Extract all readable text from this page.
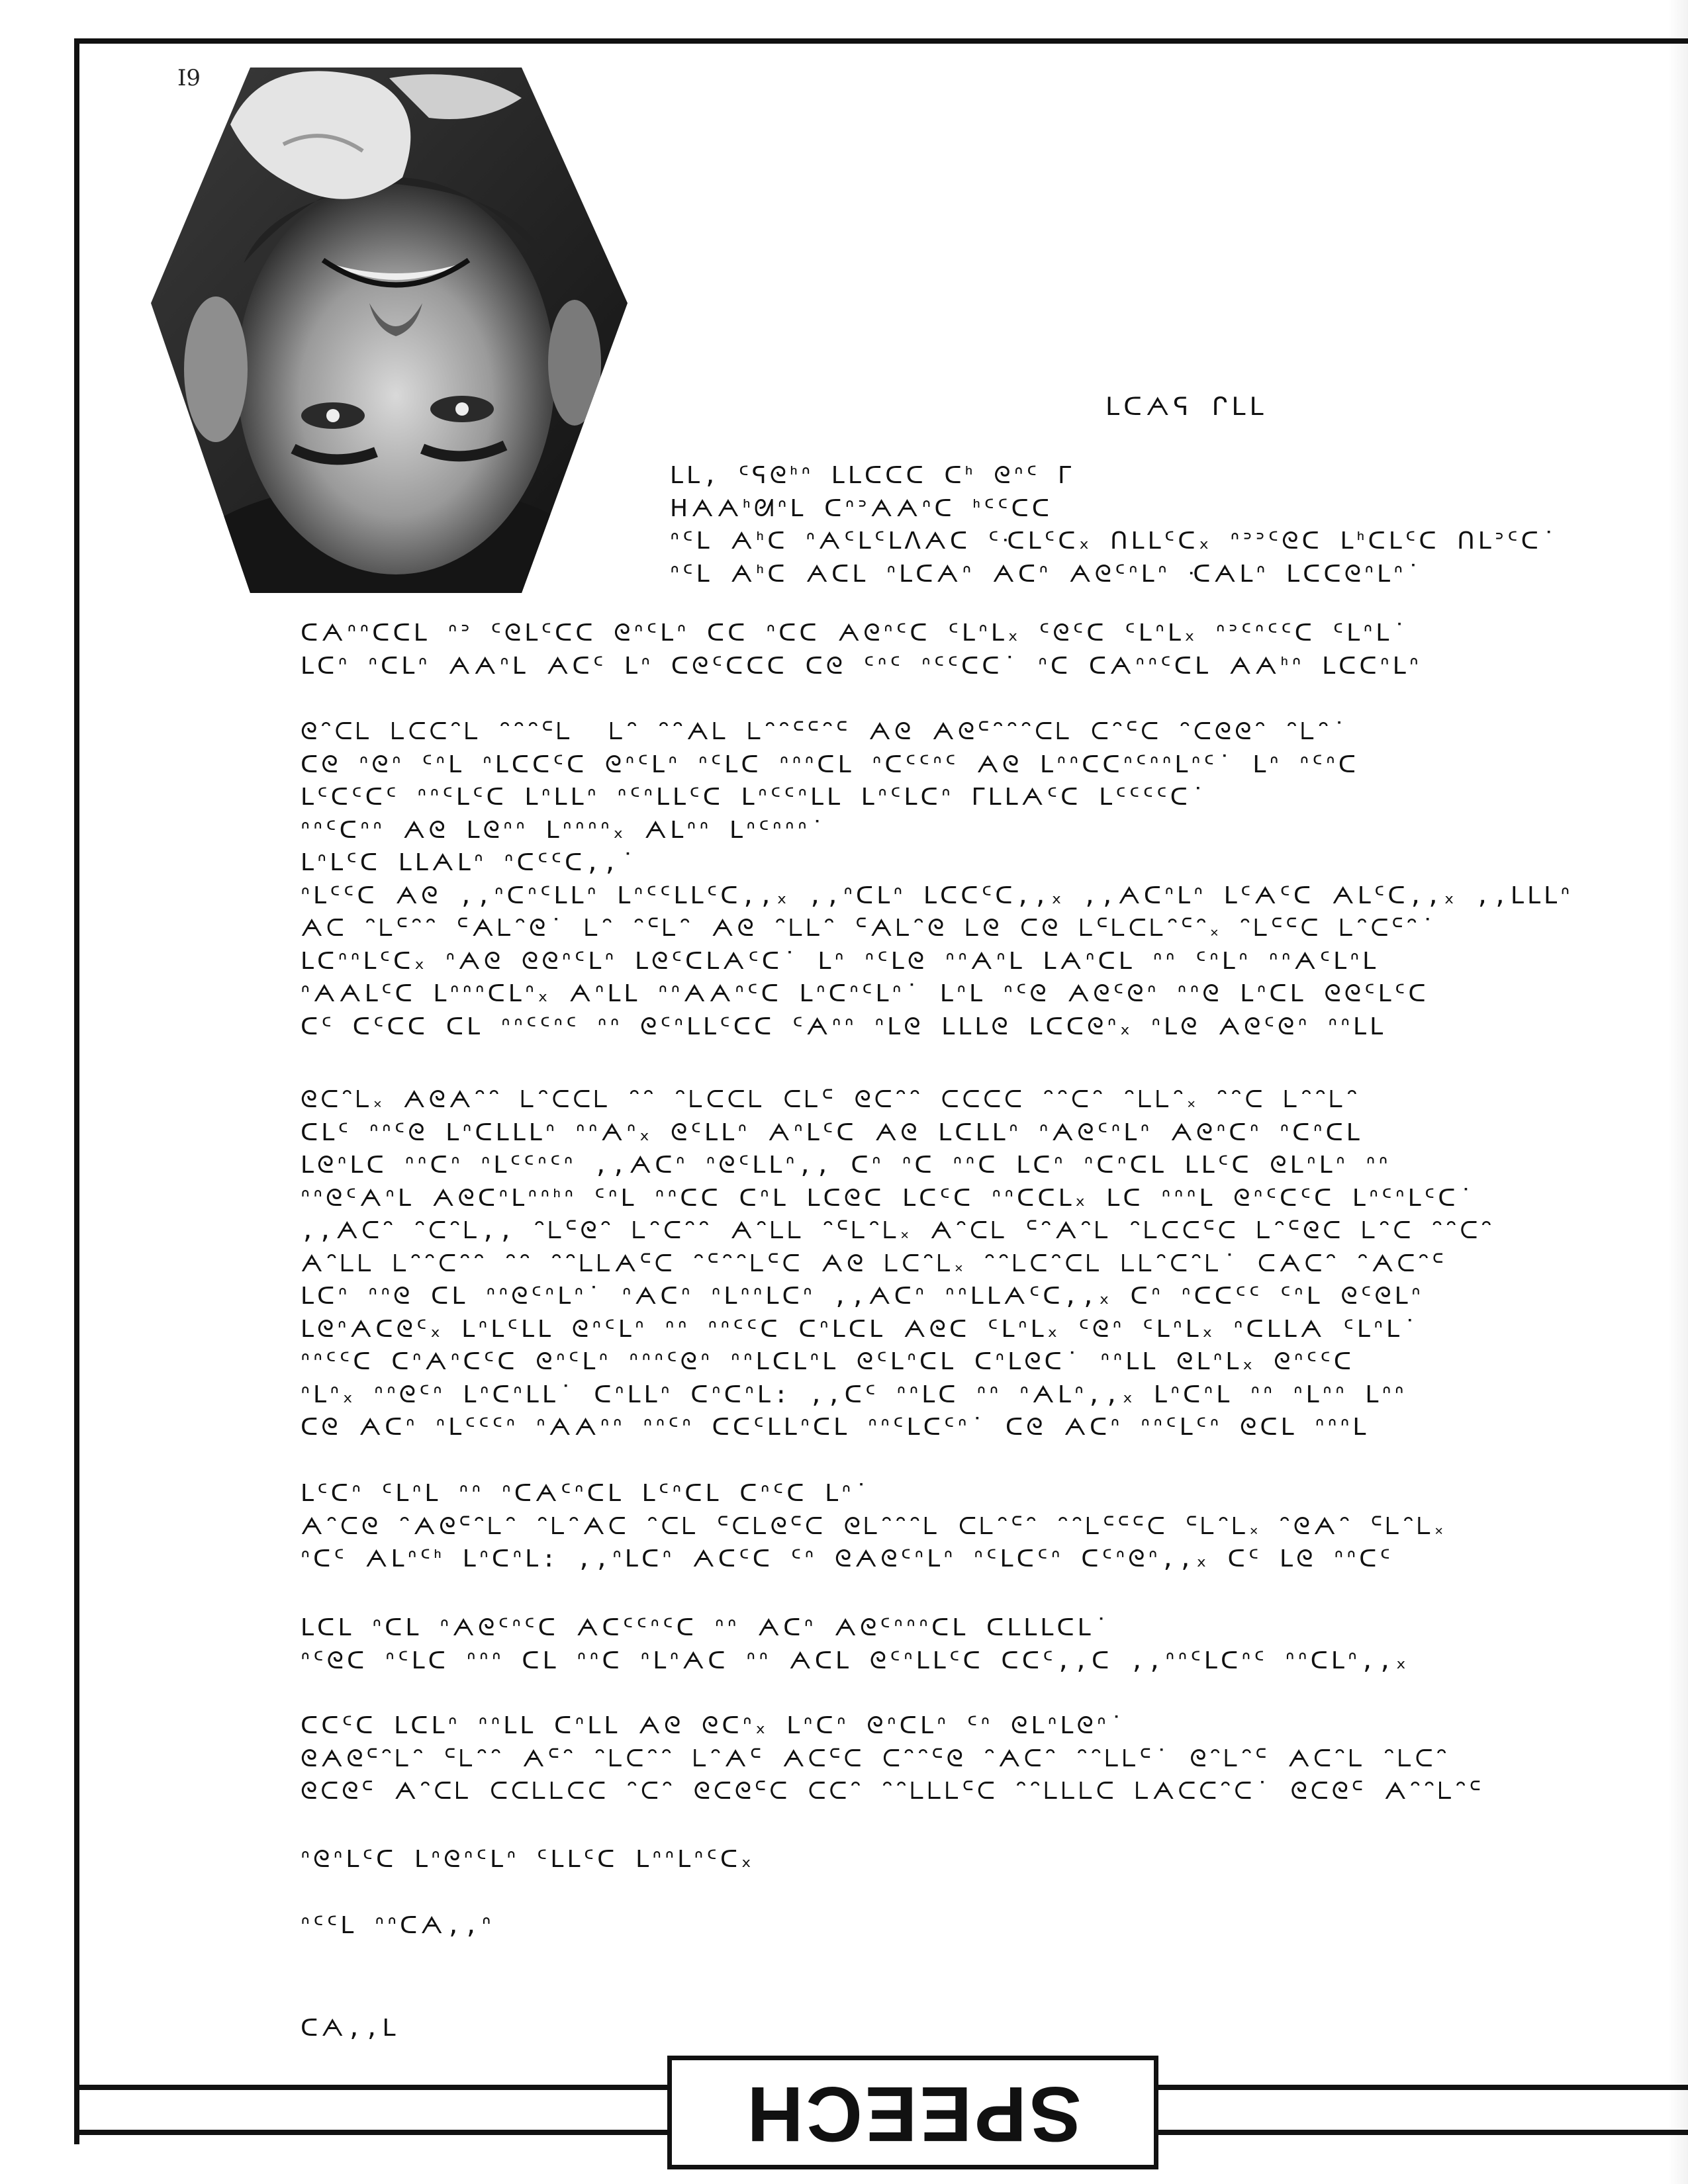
I9
ᒪᑕᗅᕋ ᒋᒪᒪ
ᒪᒪ, ᑦᕋᘓᑋᐢ ᒪᒪᑕᑕᑕ ᑕᑋ ᘓᐢᑦ ᒥ
ᕼᗅᗅᑋᘛᐢᒪ ᑕᐢᐣᗅᗅᐢᑕ ᑋᑦᑦᑕᑕ
ᐢᑦᒪ ᗅᑋᑕ ᐢᗅᑦᒪᑦᒪᐱᗅᑕ ᑦᑡᒪᑦᑕ᙮ ᑎᒪᒪᑦᑕ᙮ ᐢᐣᐣᑦᘓᑕ ᒪᑋᑕᒪᑦᑕ ᑎᒪᐣᑦᑕ˙
ᐢᑦᒪ ᗅᑋᑕ ᗅᑕᒪ ᐢᒪᑕᗅᐢ ᗅᑕᐢ ᗅᘓᑦᐢᒪᐢ ᑡᗅᒪᐢ ᒪᑕᑕᘓᐢᒪᐢ˙
ᑕᗅᐢᐢᑕᑕᒪ ᐢᐣ ᑦᘓᒪᑦᑕᑕ ᘓᐢᑦᒪᐢ ᑕᑕ ᐢᑕᑕ ᗅᘓᐢᑦᑕ ᑦᒪᐢᒪ᙮ ᑦᘓᑦᑕ ᑦᒪᐢᒪ᙮ ᐢᐣᑦᐢᑦᑦᑕ ᑦᒪᐢᒪ˙
ᒪᑕᐢ ᐢᑕᒪᐢ ᗅᗅᐢᒪ ᗅᑕᑦ ᒪᐢ ᑕᘓᑦᑕᑕᑕ ᑕᘓ ᑦᐢᑦ ᐢᑦᑦᑕᑕ˙ ᐢᑕ ᑕᗅᐢᐢᑦᑕᒪ ᗅᗅᑋᐢ ᒪᑕᑕᐢᒪᐢ
ᘓᐢᑕᒪ ᒪᑕᑕᐢᒪ ᐢᐢᐢᑦᒪ  ᒪᐢ ᐢᐢᗅᒪ ᒪᐢᐢᑦᑦᐢᑦ ᗅᘓ ᗅᘓᑦᐢᐢᐢᑕᒪ ᑕᐢᑦᑕ ᐢᑕᘓᘓᐢ ᐢᒪᐢ˙
ᑕᘓ ᐢᘓᐢ ᑦᐢᒪ ᐢᒪᑕᑕᑦᑕ ᘓᐢᑦᒪᐢ ᐢᑦᒪᑕ ᐢᐢᐢᑕᒪ ᐢᑕᑦᑦᐢᑦ ᗅᘓ ᒪᐢᐢᑕᑕᐢᑦᐢᐢᒪᐢᑦ˙ ᒪᐢ ᐢᑦᐢᑕ
ᒪᑦᑕᑦᑕᑦ ᐢᐢᑦᒪᑦᑕ ᒪᐢᒪᒪᐢ ᐢᑦᐢᒪᒪᑦᑕ ᒪᐢᑦᑦᐢᒪᒪ ᒪᐢᑦᒪᑕᐢ ᒥᒪᒪᗅᑦᑕ ᒪᑦᑦᑦᑦᑕ˙
ᐢᐢᑦᑕᐢᐢ ᗅᘓ ᒪᘓᐢᐢ ᒪᐢᐢᐢᐢ᙮ ᗅᒪᐢᐢ ᒪᐢᑦᐢᐢᐢ˙
ᒪᐢᒪᑦᑕ ᒪᒪᗅᒪᐢ ᐢᑕᑦᑦᑕ‚‚˙
ᐢᒪᑦᑦᑕ ᗅᘓ ‚‚ᐢᑕᐢᑦᒪᒪᐢ ᒪᐢᑦᑦᒪᒪᑦᑕ‚‚᙮ ‚‚ᐢᑕᒪᐢ ᒪᑕᑕᑦᑕ‚‚᙮ ‚‚ᗅᑕᐢᒪᐢ ᒪᑦᗅᑦᑕ ᗅᒪᑦᑕ‚‚᙮ ‚‚ᒪᒪᒪᐢ
ᗅᑕ ᐢᒪᑦᐢᐢ ᑦᗅᒪᐢᘓ˙ ᒪᐢ ᐢᑦᒪᐢ ᗅᘓ ᐢᒪᒪᐢ ᑦᗅᒪᐢᘓ ᒪᘓ ᑕᘓ ᒪᑦᒪᑕᒪᐢᑦᐢ᙮ ᐢᒪᑦᑦᑕ ᒪᐢᑕᑦᐢ˙
ᒪᑕᐢᐢᒪᑦᑕ᙮ ᐢᗅᘓ ᘓᘓᐢᑦᒪᐢ ᒪᘓᑦᑕᒪᗅᑦᑕ˙ ᒪᐢ ᐢᑦᒪᘓ ᐢᐢᗅᐢᒪ ᒪᗅᐢᑕᒪ ᐢᐢ ᑦᐢᒪᐢ ᐢᐢᗅᑦᒪᐢᒪ
ᐢᗅᗅᒪᑦᑕ ᒪᐢᐢᐢᑕᒪᐢ᙮ ᗅᐢᒪᒪ ᐢᐢᗅᗅᐢᑦᑕ ᒪᐢᑕᐢᑦᒪᐢ˙ ᒪᐢᒪ ᐢᑦᘓ ᗅᘓᑦᘓᐢ ᐢᐢᘓ ᒪᐢᑕᒪ ᘓᘓᑦᒪᑦᑕ
ᑕᑦ ᑕᑦᑕᑕ ᑕᒪ ᐢᐢᑦᑦᐢᑦ ᐢᐢ ᘓᑦᐢᒪᒪᑦᑕᑕ ᑦᗅᐢᐢ ᐢᒪᘓ ᒪᒪᒪᘓ ᒪᑕᑕᘓᐢ᙮ ᐢᒪᘓ ᗅᘓᑦᘓᐢ ᐢᐢᒪᒪ
ᘓᑕᐢᒪ᙮ ᗅᘓᗅᐢᐢ ᒪᐢᑕᑕᒪ ᐢᐢ ᐢᒪᑕᑕᒪ ᑕᒪᑦ ᘓᑕᐢᐢ ᑕᑕᑕᑕ ᐢᐢᑕᐢ ᐢᒪᒪᐢ᙮ ᐢᐢᑕ ᒪᐢᐢᒪᐢ
ᑕᒪᑦ ᐢᐢᑦᘓ ᒪᐢᑕᒪᒪᒪᐢ ᐢᐢᗅᐢ᙮ ᘓᑦᒪᒪᐢ ᗅᐢᒪᑦᑕ ᗅᘓ ᒪᑕᒪᒪᐢ ᐢᗅᘓᑦᐢᒪᐢ ᗅᘓᐢᑕᐢ ᐢᑕᐢᑕᒪ
ᒪᘓᐢᒪᑕ ᐢᐢᑕᐢ ᐢᒪᑦᑦᐢᑦᐢ ‚‚ᗅᑕᐢ ᐢᘓᑦᒪᒪᐢ‚‚ ᑕᐢ ᐢᑕ ᐢᐢᑕ ᒪᑕᐢ ᐢᑕᐢᑕᒪ ᒪᒪᑦᑕ ᘓᒪᐢᒪᐢ ᐢᐢ
ᐢᐢᘓᑦᗅᐢᒪ ᗅᘓᑕᐢᒪᐢᐢᑋᐢ ᑦᐢᒪ ᐢᐢᑕᑕ ᑕᐢᒪ ᒪᑕᘓᑕ ᒪᑕᑦᑕ ᐢᐢᑕᑕᒪ᙮ ᒪᑕ ᐢᐢᐢᒪ ᘓᐢᑦᑕᑦᑕ ᒪᐢᑦᐢᒪᑦᑕ˙
‚‚ᗅᑕᐢ ᐢᑕᐢᒪ‚‚ ᐢᒪᑦᘓᐢ ᒪᐢᑕᐢᐢ ᗅᐢᒪᒪ ᐢᑦᒪᐢᒪ᙮ ᗅᐢᑕᒪ ᑦᐢᗅᐢᒪ ᐢᒪᑕᑕᑦᑕ ᒪᐢᑦᘓᑕ ᒪᐢᑕ ᐢᐢᑕᐢ
ᗅᐢᒪᒪ ᒪᐢᐢᑕᐢᐢ ᐢᐢ ᐢᐢᒪᒪᗅᑦᑕ ᐢᑦᐢᐢᒪᑦᑕ ᗅᘓ ᒪᑕᐢᒪ᙮ ᐢᐢᒪᑕᐢᑕᒪ ᒪᒪᐢᑕᐢᒪ˙ ᑕᗅᑕᐢ ᐢᗅᑕᐢᑦ
ᒪᑕᐢ ᐢᐢᘓ ᑕᒪ ᐢᐢᘓᑦᐢᒪᐢ˙ ᐢᗅᑕᐢ ᐢᒪᐢᐢᒪᑕᐢ ‚‚ᗅᑕᐢ ᐢᐢᒪᒪᗅᑦᑕ‚‚᙮ ᑕᐢ ᐢᑕᑕᑦᑦ ᑦᐢᒪ ᘓᑦᘓᒪᐢ
ᒪᘓᐢᗅᑕᘓᑦ᙮ ᒪᐢᒪᑦᒪᒪ ᘓᐢᑦᒪᐢ ᐢᐢ ᐢᐢᑦᑦᑕ ᑕᐢᒪᑕᒪ ᗅᘓᑕ ᑦᒪᐢᒪ᙮ ᑦᘓᐢ ᑦᒪᐢᒪ᙮ ᐢᑕᒪᒪᗅ ᑦᒪᐢᒪ˙
ᐢᐢᑦᑦᑕ ᑕᐢᗅᐢᑕᑦᑕ ᘓᐢᑦᒪᐢ ᐢᐢᐢᑦᘓᐢ ᐢᐢᒪᑕᒪᐢᒪ ᘓᑦᒪᐢᑕᒪ ᑕᐢᒪᘓᑕ˙ ᐢᐢᒪᒪ ᘓᒪᐢᒪ᙮ ᘓᐢᑦᑦᑕ
ᐢᒪᐢ᙮ ᐢᐢᘓᑦᐢ ᒪᐢᑕᐢᒪᒪ˙ ᑕᐢᒪᒪᐢ ᑕᐢᑕᐢᒪ: ‚‚ᑕᑦ ᐢᐢᒪᑕ ᐢᐢ ᐢᗅᒪᐢ‚‚᙮ ᒪᐢᑕᐢᒪ ᐢᐢ ᐢᒪᐢᐢ ᒪᐢᐢ
ᑕᘓ ᗅᑕᐢ ᐢᒪᑦᑦᑦᐢ ᐢᗅᗅᐢᐢ ᐢᐢᑦᐢ ᑕᑕᑦᒪᒪᐢᑕᒪ ᐢᐢᑦᒪᑕᑦᐢ˙ ᑕᘓ ᗅᑕᐢ ᐢᐢᑦᒪᑦᐢ ᘓᑕᒪ ᐢᐢᐢᒪ
ᒪᑦᑕᐢ ᑦᒪᐢᒪ ᐢᐢ ᐢᑕᗅᑦᐢᑕᒪ ᒪᑦᐢᑕᒪ ᑕᐢᑦᑕ ᒪᐢ˙
ᗅᐢᑕᘓ ᐢᗅᘓᑦᐢᒪᐢ ᐢᒪᐢᗅᑕ ᐢᑕᒪ ᑦᑕᒪᘓᑦᑕ ᘓᒪᐢᐢᐢᒪ ᑕᒪᐢᑦᐢ ᐢᐢᒪᑦᑦᑦᑕ ᑦᒪᐢᒪ᙮ ᐢᘓᗅᐢ ᑦᒪᐢᒪ᙮
ᐢᑕᑦ ᗅᒪᐢᑦᑋ ᒪᐢᑕᐢᒪ: ‚‚ᐢᒪᑕᐢ ᗅᑕᑦᑕ ᑦᐢ ᘓᗅᘓᑦᐢᒪᐢ ᐢᑦᒪᑕᑦᐢ ᑕᑦᐢᘓᐢ‚‚᙮ ᑕᑦ ᒪᘓ ᐢᐢᑕᑦ
ᒪᑕᒪ ᐢᑕᒪ ᐢᗅᘓᑦᐢᑦᑕ ᗅᑕᑦᑦᐢᑦᑕ ᐢᐢ ᗅᑕᐢ ᗅᘓᑦᐢᐢᐢᑕᒪ ᑕᒪᒪᒪᑕᒪ˙
ᐢᑦᘓᑕ ᐢᑦᒪᑕ ᐢᐢᐢ ᑕᒪ ᐢᐢᑕ ᐢᒪᐢᗅᑕ ᐢᐢ ᗅᑕᒪ ᘓᑦᐢᒪᒪᑦᑕ ᑕᑕᑦ‚‚ᑕ ‚‚ᐢᐢᑦᒪᑕᐢᑦ ᐢᐢᑕᒪᐢ‚‚᙮
ᑕᑕᑦᑕ ᒪᑕᒪᐢ ᐢᐢᒪᒪ ᑕᐢᒪᒪ ᗅᘓ ᘓᑕᐢ᙮ ᒪᐢᑕᐢ ᘓᐢᑕᒪᐢ ᑦᐢ ᘓᒪᐢᒪᘓᐢ˙
ᘓᗅᘓᑦᐢᒪᐢ ᑦᒪᐢᐢ ᗅᑦᐢ ᐢᒪᑕᐢᐢ ᒪᐢᗅᑦ ᗅᑕᑦᑕ ᑕᐢᐢᑦᘓ ᐢᗅᑕᐢ ᐢᐢᒪᒪᑦ˙ ᘓᐢᒪᐢᑦ ᗅᑕᐢᒪ ᐢᒪᑕᐢ
ᘓᑕᘓᑦ ᗅᐢᑕᒪ ᑕᑕᒪᒪᑕᑕ ᐢᑕᐢ ᘓᑕᘓᑦᑕ ᑕᑕᐢ ᐢᐢᒪᒪᒪᑦᑕ ᐢᐢᒪᒪᒪᑕ ᒪᗅᑕᑕᐢᑕ˙ ᘓᑕᘓᑦ ᗅᐢᐢᒪᐢᑦ
ᐢᘓᐢᒪᑦᑕ ᒪᐢᘓᐢᑦᒪᐢ ᑦᒪᒪᑦᑕ ᒪᐢᐢᒪᐢᑦᑕ᙮
ᐢᑦᑦᒪ ᐢᐢᑕᗅ‚‚ᐢ
ᑕᗅ‚‚ᒪ
SPEECH
